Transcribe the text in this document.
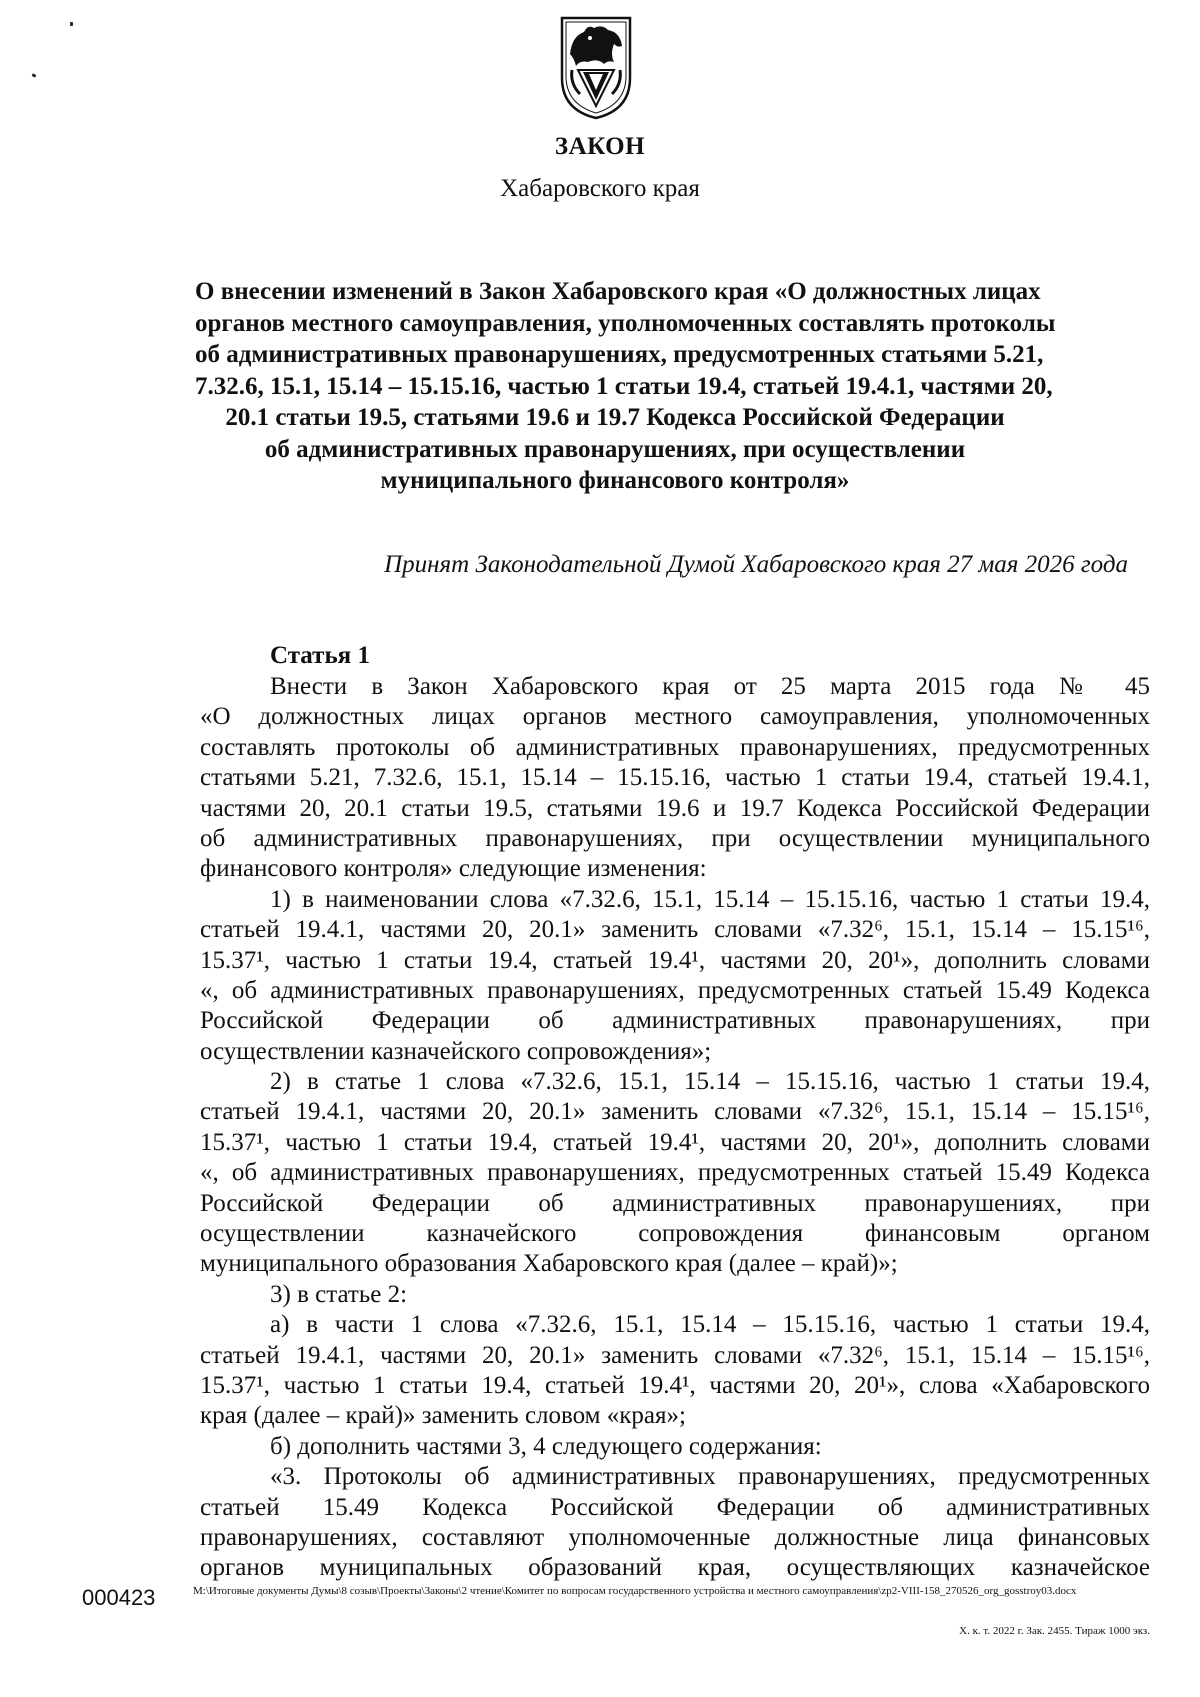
ЗАКОН
Хабаровского края
О внесении изменений в Закон Хабаровского края «О должностных лицах
органов местного самоуправления, уполномоченных составлять протоколы
об административных правонарушениях, предусмотренных статьями 5.21,
7.32.6, 15.1, 15.14 – 15.15.16, частью 1 статьи 19.4, статьей 19.4.1, частями 20,
20.1 статьи 19.5, статьями 19.6 и 19.7 Кодекса Российской Федерации
об административных правонарушениях, при осуществлении
муниципального финансового контроля»
Принят Законодательной Думой Хабаровского края 27 мая 2026 года
Статья 1
Внести в Закон Хабаровского края от 25 марта 2015 года № 45
«О должностных лицах органов местного самоуправления, уполномоченных
составлять протоколы об административных правонарушениях, предусмотренных
статьями 5.21, 7.32.6, 15.1, 15.14 – 15.15.16, частью 1 статьи 19.4, статьей 19.4.1,
частями 20, 20.1 статьи 19.5, статьями 19.6 и 19.7 Кодекса Российской Федерации
об административных правонарушениях, при осуществлении муниципального
финансового контроля» следующие изменения:
1) в наименовании слова «7.32.6, 15.1, 15.14 – 15.15.16, частью 1 статьи 19.4,
статьей 19.4.1, частями 20, 20.1» заменить словами «7.32⁶, 15.1, 15.14 – 15.15¹⁶,
15.37¹, частью 1 статьи 19.4, статьей 19.4¹, частями 20, 20¹», дополнить словами
«, об административных правонарушениях, предусмотренных статьей 15.49 Кодекса
Российской Федерации об административных правонарушениях, при
осуществлении казначейского сопровождения»;
2) в статье 1 слова «7.32.6, 15.1, 15.14 – 15.15.16, частью 1 статьи 19.4,
статьей 19.4.1, частями 20, 20.1» заменить словами «7.32⁶, 15.1, 15.14 – 15.15¹⁶,
15.37¹, частью 1 статьи 19.4, статьей 19.4¹, частями 20, 20¹», дополнить словами
«, об административных правонарушениях, предусмотренных статьей 15.49 Кодекса
Российской Федерации об административных правонарушениях, при
осуществлении казначейского сопровождения финансовым органом
муниципального образования Хабаровского края (далее – край)»;
3) в статье 2:
а) в части 1 слова «7.32.6, 15.1, 15.14 – 15.15.16, частью 1 статьи 19.4,
статьей 19.4.1, частями 20, 20.1» заменить словами «7.32⁶, 15.1, 15.14 – 15.15¹⁶,
15.37¹, частью 1 статьи 19.4, статьей 19.4¹, частями 20, 20¹», слова «Хабаровского
края (далее – край)» заменить словом «края»;
б) дополнить частями 3, 4 следующего содержания:
«3. Протоколы об административных правонарушениях, предусмотренных
статьей 15.49 Кодекса Российской Федерации об административных
правонарушениях, составляют уполномоченные должностные лица финансовых
органов муниципальных образований края, осуществляющих казначейское
000423	М:\Итоговые документы Думы\8 созыв\Проекты\Законы\2 чтение\Комитет по вопросам государственного устройства и местного самоуправления\zp2-VIII-158_270526_org_gosstroy03.docx
Х. к. т. 2022 г. Зак. 2455. Тираж 1000 экз.
